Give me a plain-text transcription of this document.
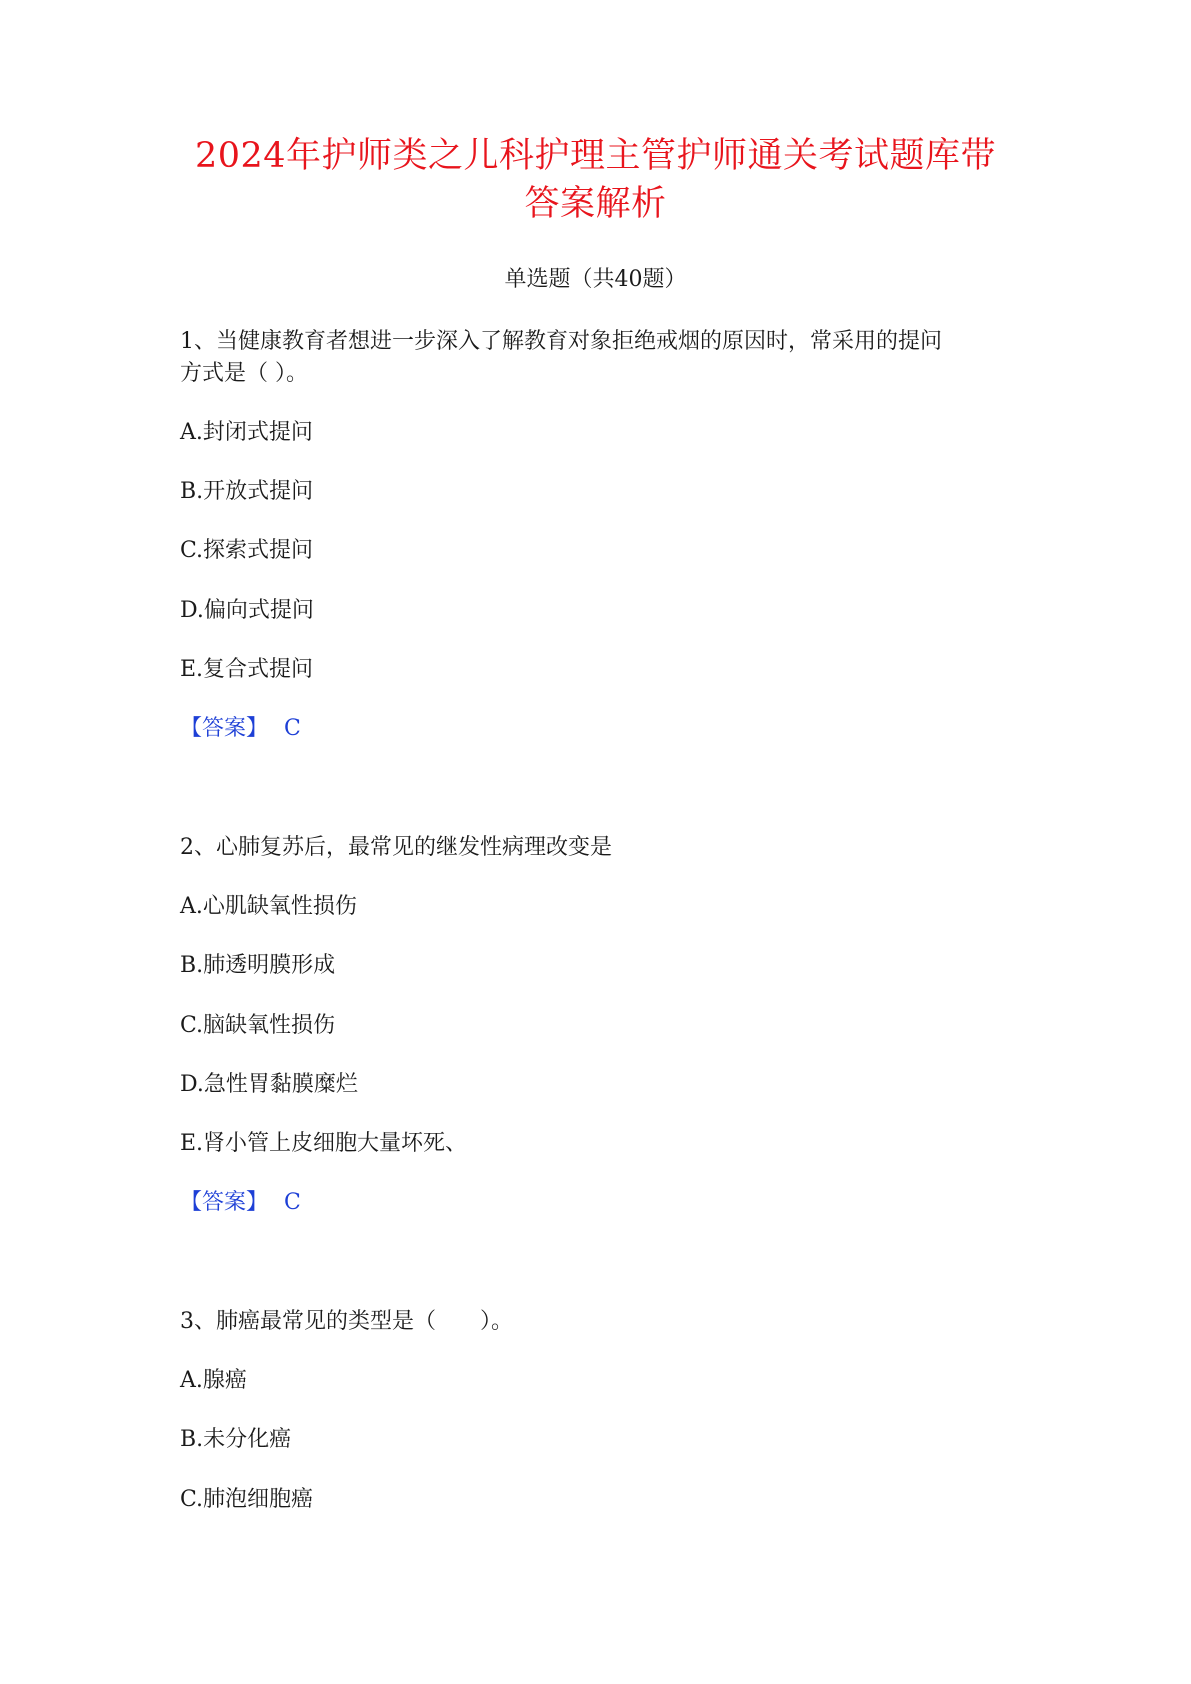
2024年护师类之儿科护理主管护师通关考试题库带
答案解析
单选题（共40题）
1、当健康教育者想进一步深入了解教育对象拒绝戒烟的原因时，常采用的提问
方式是（ ）。
A.封闭式提问
B.开放式提问
C.探索式提问
D.偏向式提问
E.复合式提问
【答案】 C
2、心肺复苏后，最常见的继发性病理改变是
A.心肌缺氧性损伤
B.肺透明膜形成
C.脑缺氧性损伤
D.急性胃黏膜糜烂
E.肾小管上皮细胞大量坏死、
【答案】 C
3、肺癌最常见的类型是（　　）。
A.腺癌
B.未分化癌
C.肺泡细胞癌
